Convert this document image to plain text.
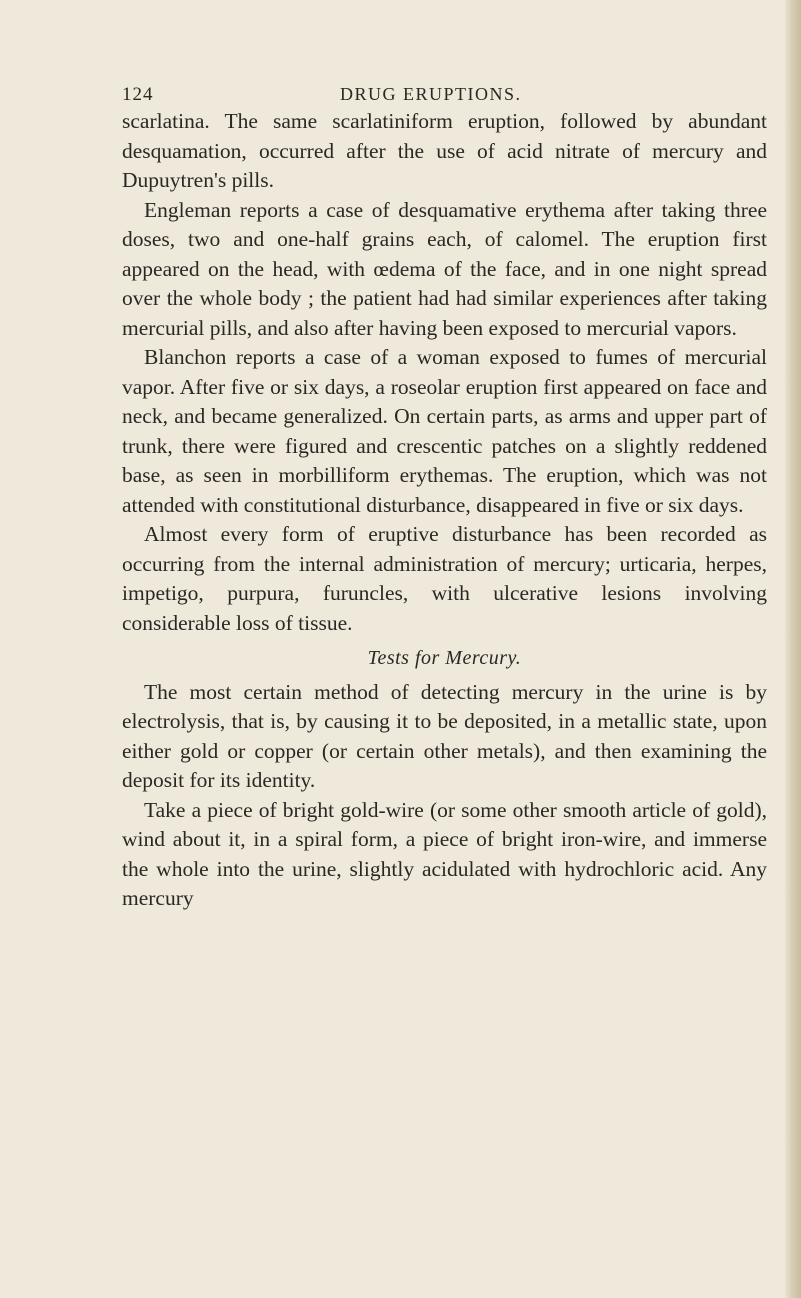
124	DRUG ERUPTIONS.

scarlatina. The same scarlatiniform eruption, followed by abundant desquamation, occurred after the use of acid nitrate of mercury and Dupuytren's pills.

Engleman reports a case of desquamative erythema after taking three doses, two and one-half grains each, of calomel. The eruption first appeared on the head, with œdema of the face, and in one night spread over the whole body ; the patient had had similar experiences after taking mercurial pills, and also after having been exposed to mercurial vapors.

Blanchon reports a case of a woman exposed to fumes of mercurial vapor. After five or six days, a roseolar eruption first appeared on face and neck, and became generalized. On certain parts, as arms and upper part of trunk, there were figured and crescentic patches on a slightly reddened base, as seen in morbilliform erythemas. The eruption, which was not attended with constitutional disturbance, disappeared in five or six days.

Almost every form of eruptive disturbance has been recorded as occurring from the internal administration of mercury; urticaria, herpes, impetigo, purpura, furuncles, with ulcerative lesions involving considerable loss of tissue.

Tests for Mercury.

The most certain method of detecting mercury in the urine is by electrolysis, that is, by causing it to be deposited, in a metallic state, upon either gold or copper (or certain other metals), and then examining the deposit for its identity.

Take a piece of bright gold-wire (or some other smooth article of gold), wind about it, in a spiral form, a piece of bright iron-wire, and immerse the whole into the urine, slightly acidulated with hydrochloric acid. Any mercury
